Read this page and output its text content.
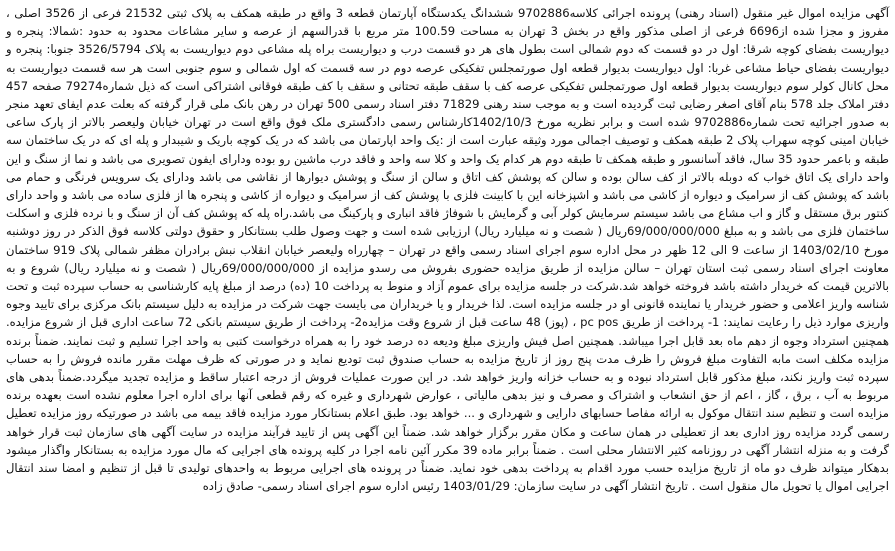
آگهی مزایده اموال غیر منقول (اسناد رهنی) پرونده اجرائی کلاسه9702886 ششدانگ یکدستگاه آپارتمان قطعه 3 واقع در طبقه همکف به پلاک ثبتی 21532 فرعی از 3526 اصلی ، مفروز و مجزا شده از6696 فرعی از اصلی مذکور واقع در بخش 3 تهران به مساحت 100.59 متر مربع با قدرالسهم از عرصه و سایر مشاعات محدود به حدود :شمالا: پنجره و دیواریست بفضای کوچه شرقا: اول در دو قسمت که دوم شمالی است بطول های هر دو قسمت درب و دیواریست براه پله مشاعی دوم دیواریست به پلاک 3526/5794 جنوبا: پنجره و دیواریست بفضای حیاط مشاعی غربا: اول دیواریست بدیوار قطعه اول صورتمجلس تفکیکی عرصه دوم در سه قسمت که اول شمالی و سوم جنوبی است هر سه قسمت دیواریست به محل کانال کولر سوم دیواریست بدیوار قطعه اول صورتمجلس تفکیکی عرصه کف با سقف طبقه تحتانی و سقف با کف طبقه فوقانی اشتراکی است که ذیل شماره79274 صفحه 457 دفتر املاک جلد 578 بنام آقای اصغر رضایی ثبت گردیده است و به موجب سند رهنی 71829 دفتر اسناد رسمی 500 تهران در رهن بانک ملی قرار گرفته که بعلت عدم ایفای تعهد منجر به صدور اجرائیه تحت شماره9702886 شده است و برابر نظریه مورخ 1402/10/3کارشناس رسمی دادگستری ملک فوق واقع است در تهران خیابان ولیعصر بالاتر از پارک ساعی خیابان امینی کوچه سهراب پلاک 2 طبقه همکف و توصیف اجمالی مورد وثیقه عبارت است از :یک واحد اپارتمان می باشد که در یک کوچه باریک و شیبدار و پله ای که در یک ساختمان سه طبقه و باعمر حدود 35 سال، فاقد آسانسور و طبقه همکف تا طبقه دوم هر کدام یک واحد و کلا سه واحد و فاقد درب ماشین رو بوده ودارای ایفون تصویری می باشد و نما از سنگ و این واحد دارای یک اتاق خواب که دوبله بالاتر از کف سالن بوده و سالن که پوشش کف اتاق و سالن از سنگ و پوشش دیوارها از نقاشی می باشد ودارای یک سرویس فرنگی و حمام می باشد که پوشش کف از سرامیک و دیواره از کاشی می باشد و اشپزخانه این با کابینت فلزی با پوشش کف از سرامیک و دیواره از کاشی و پنجره ها از فلزی ساده می باشد و واحد دارای کنتور برق مستقل و گاز و اب مشاع می باشد سیستم سرمایش کولر آبی و گرمایش با شوفاژ فاقد انباری و پارکینگ می باشد.راه پله که پوشش کف آن از سنگ و با نرده فلزی و اسکلت ساختمان فلزی می باشد و به مبلغ 69/000/000/000ریال ( شصت و نه میلیارد ریال) ارزیابی شده است و جهت وصول طلب بستانکار و حقوق دولتی کلاسه فوق الذکر در روز دوشنبه مورخ 1403/02/10 از ساعت 9 الی 12 ظهر در محل اداره سوم اجرای اسناد رسمی واقع در تهران – چهارراه ولیعصر خیابان انقلاب نبش برادران مظفر شمالی پلاک 919 ساختمان معاونت اجرای اسناد رسمی ثبت استان تهران – سالن مزایده از طریق مزایده حضوری بفروش می رسدو مزایده از 69/000/000/000ریال ( شصت و نه میلیارد ریال) شروع و به بالاترین قیمت که خریدار داشته باشد فروخته خواهد شد.شرکت در جلسه مزایده برای عموم آزاد و منوط به پرداخت 10 (ده) درصد از مبلغ پایه کارشناسی به حساب سپرده ثبت و تحت شناسه واریز اعلامی و حضور خریدار یا نماینده قانونی او در جلسه مزایده است. لذا خریدار و یا خریداران می بایست جهت شرکت در مزایده به دلیل سیستم بانک مرکزی برای تایید وجوه واریزی موارد ذیل را رعایت نمایند: 1- پرداخت از طریق pc pos ، (پوز) 48 ساعت قبل از شروع وقت مزایده2- پرداخت از طریق سیستم بانکی 72 ساعت اداری قبل از شروع مزایده. همچنین استرداد وجوه از دهم ماه بعد قابل اجرا میباشد. همچنین اصل فیش واریزی مبلغ ودیعه ده درصد خود را به همراه درخواست کتبی به واحد اجرا تسلیم و ثبت نمایند. ضمناً برنده مزایده مکلف است مابه التفاوت مبلغ فروش را ظرف مدت پنج روز از تاریخ مزایده به حساب صندوق ثبت تودیع نماید و در صورتی که ظرف مهلت مقرر مانده فروش را به حساب سپرده ثبت واریز نکند، مبلغ مذکور قابل استرداد نبوده و به حساب خزانه واریز خواهد شد. در این صورت عملیات فروش از درجه اعتبار ساقط و مزایده تجدید میگردد.ضمناً بدهی های مربوط به آب ، برق ، گاز ، اعم از حق انشعاب و اشتراک و مصرف و نیز بدهی مالیاتی ، عوارض شهرداری و غیره که رقم قطعی آنها برای اداره اجرا معلوم نشده است بعهده برنده مزایده است و تنظیم سند انتقال موکول به ارائه مفاصا حسابهای دارایی و شهرداری و ... خواهد بود. طبق اعلام بستانکار مورد مزایده فاقد بیمه می باشد در صورتیکه روز مزایده تعطیل رسمی گردد مزایده روز اداری بعد از تعطیلی در همان ساعت و مکان مقرر برگزار خواهد شد. ضمناً این آگهی پس از تایید فرآیند مزایده در سایت آگهی های سازمان ثبت قرار خواهد گرفت و به منزله انتشار آگهی در روزنامه کثیر الانتشار محلی است . ضمناً برابر ماده 39 مکرر آئین نامه اجرا در کلیه پرونده های اجرایی که مال مورد مزایده به بستانکار واگذار میشود بدهکار میتواند ظرف دو ماه از تاریخ مزایده حسب مورد اقدام به پرداخت بدهی خود نماید. ضمناً در پرونده های اجرایی مربوط به واحدهای تولیدی تا قبل از تنظیم و امضا سند انتقال اجرایی اموال یا تحویل مال منقول است . تاریخ انتشار آگهی در سایت سازمان: 1403/01/29 رئیس اداره سوم اجرای اسناد رسمی- صادق زاده
